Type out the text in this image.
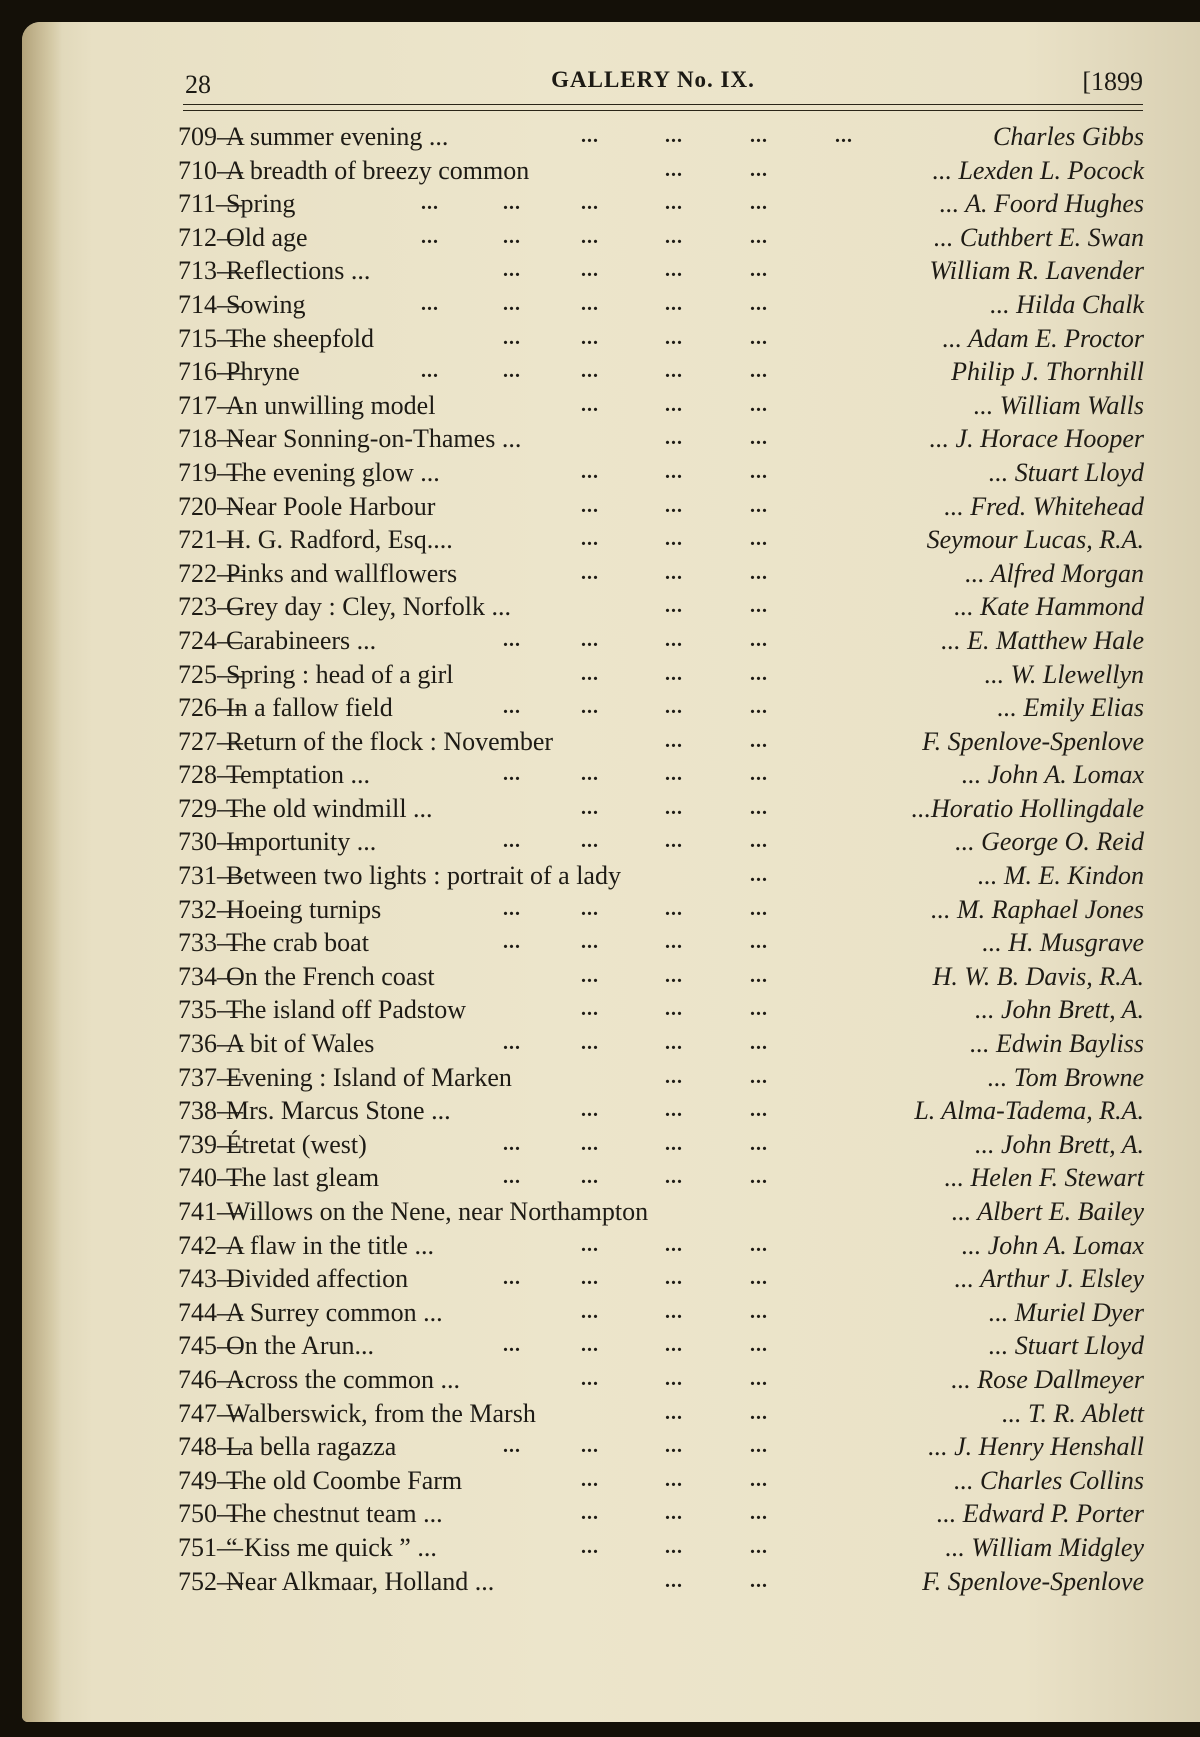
28	GALLERY No. IX.	[1899
709—
A summer evening ...	...	...	...	...	Charles Gibbs
710—
A breadth of breezy common	...	...	... Lexden L. Pocock
711—
Spring	...	...	...	...	...	... A. Foord Hughes
712—
Old age	...	...	...	...	...	... Cuthbert E. Swan
713—
Reflections ...	...	...	...	...	William R. Lavender
714—
Sowing	...	...	...	...	...	... Hilda Chalk
715—
The sheepfold	...	...	...	...	... Adam E. Proctor
716—
Phryne	...	...	...	...	...	Philip J. Thornhill
717—
An unwilling model	...	...	...	... William Walls
718—
Near Sonning-on-Thames ...	...	...	... J. Horace Hooper
719—
The evening glow ...	...	...	...	... Stuart Lloyd
720—
Near Poole Harbour	...	...	...	... Fred. Whitehead
721—
H. G. Radford, Esq....	...	...	...	Seymour Lucas, R.A.
722—
Pinks and wallflowers	...	...	...	... Alfred Morgan
723—
Grey day : Cley, Norfolk ...	...	...	... Kate Hammond
724—
Carabineers ...	...	...	...	...	... E. Matthew Hale
725—
Spring : head of a girl	...	...	...	... W. Llewellyn
726—
In a fallow field	...	...	...	...	... Emily Elias
727—
Return of the flock : November	...	...	F. Spenlove-Spenlove
728—
Temptation ...	...	...	...	...	... John A. Lomax
729—
The old windmill ...	...	...	...	...Horatio Hollingdale
730—
Importunity ...	...	...	...	...	... George O. Reid
731—
Between two lights : portrait of a lady	...	... M. E. Kindon
732—
Hoeing turnips	...	...	...	...	... M. Raphael Jones
733—
The crab boat	...	...	...	...	... H. Musgrave
734—
On the French coast	...	...	...	H. W. B. Davis, R.A.
735—
The island off Padstow	...	...	...	... John Brett, A.
736—
A bit of Wales	...	...	...	...	... Edwin Bayliss
737—
Evening : Island of Marken	...	...	... Tom Browne
738—
Mrs. Marcus Stone ...	...	...	...	L. Alma-Tadema, R.A.
739—
Étretat (west)	...	...	...	...	... John Brett, A.
740—
The last gleam	...	...	...	...	... Helen F. Stewart
741—
Willows on the Nene, near Northampton	... Albert E. Bailey
742—
A flaw in the title ...	...	...	...	... John A. Lomax
743—
Divided affection	...	...	...	...	... Arthur J. Elsley
744—
A Surrey common ...	...	...	...	... Muriel Dyer
745—
On the Arun...	...	...	...	...	... Stuart Lloyd
746—
Across the common ...	...	...	...	... Rose Dallmeyer
747—
Walberswick, from the Marsh	...	...	... T. R. Ablett
748—
La bella ragazza	...	...	...	...	... J. Henry Henshall
749—
The old Coombe Farm	...	...	...	... Charles Collins
750—
The chestnut team ...	...	...	...	... Edward P. Porter
751—
“ Kiss me quick ” ...	...	...	...	... William Midgley
752—
Near Alkmaar, Holland ...	...	...	F. Spenlove-Spenlove
